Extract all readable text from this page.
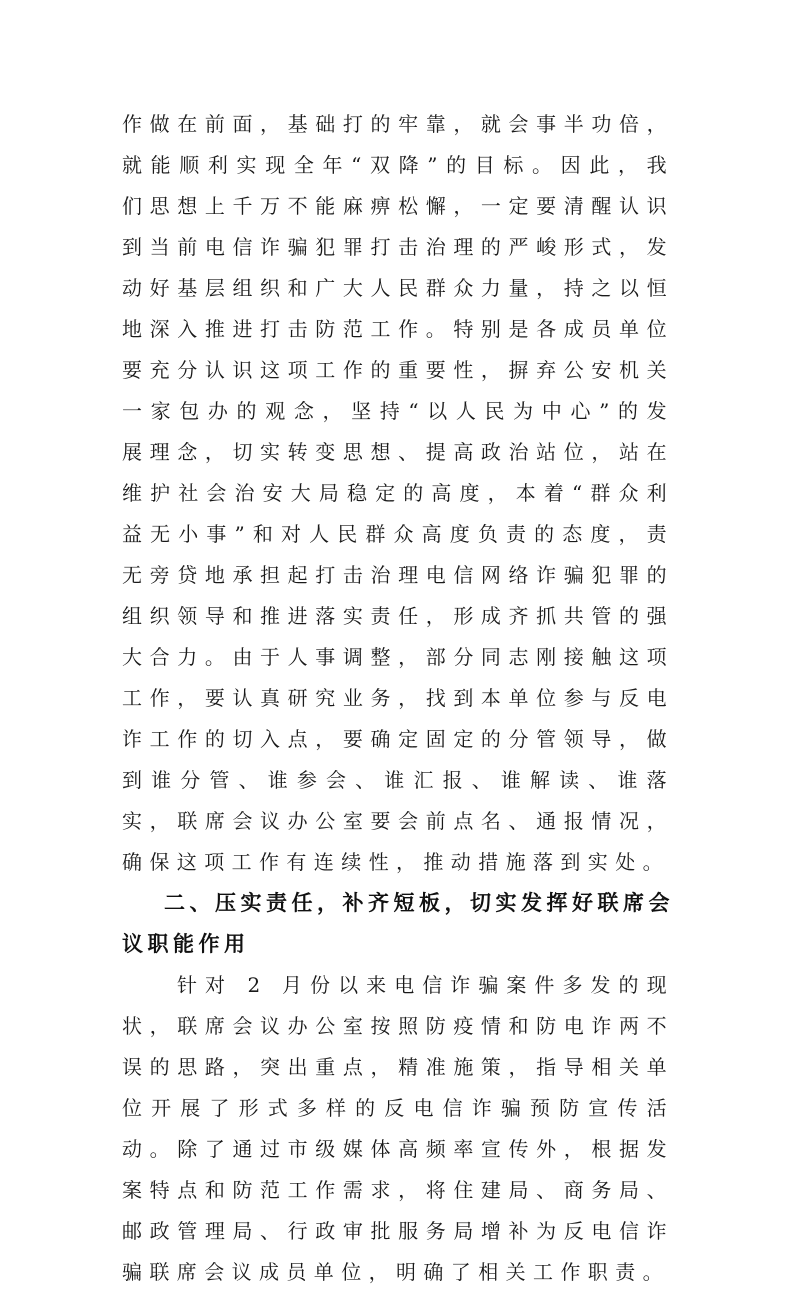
作做在前面，基础打的牢靠，就会事半功倍，就能顺利实现全年“双降”的目标。因此，我们思想上千万不能麻痹松懈，一定要清醒认识到当前电信诈骗犯罪打击治理的严峻形式，发动好基层组织和广大人民群众力量，持之以恒地深入推进打击防范工作。特别是各成员单位要充分认识这项工作的重要性，摒弃公安机关一家包办的观念，坚持“以人民为中心”的发展理念，切实转变思想、提高政治站位，站在维护社会治安大局稳定的高度，本着“群众利益无小事”和对人民群众高度负责的态度，责无旁贷地承担起打击治理电信网络诈骗犯罪的组织领导和推进落实责任，形成齐抓共管的强大合力。由于人事调整，部分同志刚接触这项工作，要认真研究业务，找到本单位参与反电诈工作的切入点，要确定固定的分管领导，做到谁分管、谁参会、谁汇报、谁解读、谁落实，联席会议办公室要会前点名、通报情况，确保这项工作有连续性，推动措施落到实处。

二、压实责任，补齐短板，切实发挥好联席会议职能作用

针对 2 月份以来电信诈骗案件多发的现状，联席会议办公室按照防疫情和防电诈两不误的思路，突出重点，精准施策，指导相关单位开展了形式多样的反电信诈骗预防宣传活动。除了通过市级媒体高频率宣传外，根据发案特点和防范工作需求，将住建局、商务局、邮政管理局、行政审批服务局增补为反电信诈骗联席会议成员单位，明确了相关工作职责。
